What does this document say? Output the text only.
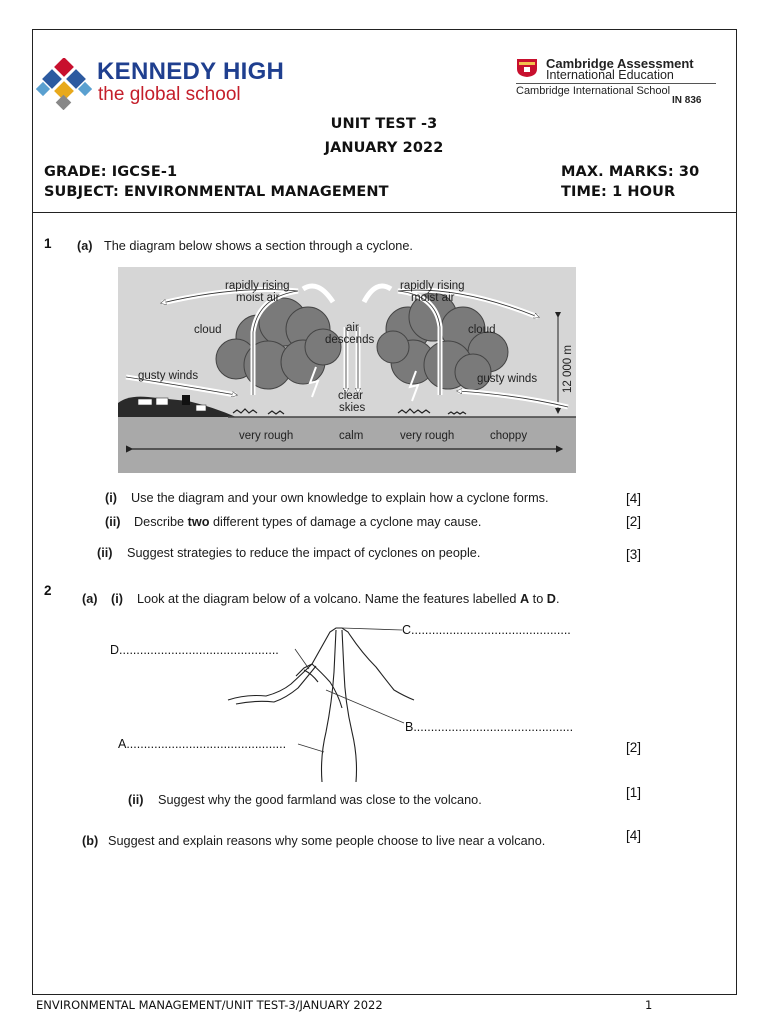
KENNEDY HIGH
the global school
Cambridge Assessment
International Education
Cambridge International School
IN 836
UNIT TEST -3
JANUARY 2022
GRADE: IGCSE-1
SUBJECT: ENVIRONMENTAL MANAGEMENT
MAX. MARKS: 30
TIME: 1 HOUR
1 (a) The diagram below shows a section through a cyclone.
rapidly rising
moist air
rapidly rising
moist air
cloud	cloud
air
descends
clear
skies
gusty winds	gusty winds
very rough	calm	very rough	choppy
12 000 m
(i) Use the diagram and your own knowledge to explain how a cyclone forms.	[4]
(ii) Describe two different types of damage a cyclone may cause.	[2]
(ii) Suggest strategies to reduce the impact of cyclones on people.	[3]
2
(a) (i) Look at the diagram below of a volcano. Name the features labelled A to D.
D..............................................
C..............................................
B..............................................
A..............................................	[2]
(ii) Suggest why the good farmland was close to the volcano.	[1]
(b) Suggest and explain reasons why some people choose to live near a volcano.	[4]
ENVIRONMENTAL MANAGEMENT/UNIT TEST-3/JANUARY 2022	1
